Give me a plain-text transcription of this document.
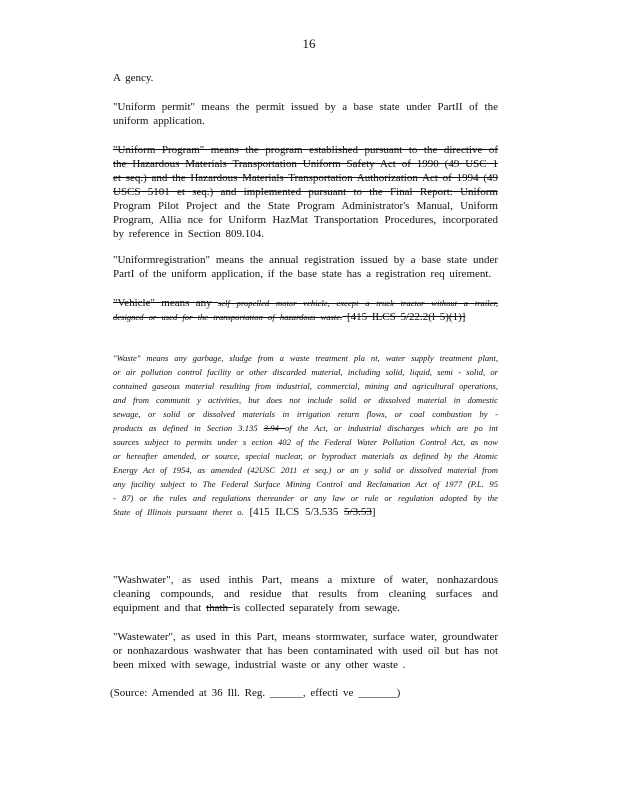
16
A gency.
"Uniform permit" means the permit issued by a base state under PartII of the uniform application.
"Uniform Program" means the program established pursuant to the directive of the Hazardous Materials Transportation Uniform Safety Act of 1990 (49 USC 1 et seq.) and the Hazardous Materials Transportation Authorization Act of 1994 (49 USCS 5101 et seq.) and implemented pursuant to the Final Report: Uniform Program Pilot Project and the State Program Administrator's Manual, Uniform Program, Allia nce for Uniform HazMat Transportation Procedures, incorporated by reference in Section 809.104.
"Uniformregistration" means the annual registration issued by a base state under PartI of the uniform application, if the base state has a registration req uirement.
"Vehicle" means any self propelled motor vehicle, except a truck tractor without a trailer, designed or used for the transportation of hazardous waste. [415 ILCS 5/22.2(l 5)(1)]
"Waste" means any garbage, sludge from a waste treatment pla nt, water supply treatment plant, or air pollution control facility or other discarded material, including solid, liquid, semi - solid, or contained gaseous material resulting from industrial, commercial, mining and agricultural operations, and from communit y activities, but does not include solid or dissolved material in domestic sewage, or solid or dissolved materials in irrigation return flows, or coal combustion by - products as defined in Section 3.135 3.94 of the Act, or industrial discharges which are po int sources subject to permits under s ection 402 of the Federal Water Pollution Control Act, as now or hereafter amended, or source, special nuclear, or byproduct materials as defined by the Atomic Energy Act of 1954, as amended (42USC 2011 et seq.) or an y solid or dissolved material from any facility subject to The Federal Surface Mining Control and Reclamation Act of 1977 (P.L. 95 - 87) or the rules and regulations thereunder or any law or rule or regulation adopted by the State of Illinois pursuant theret o. [415 ILCS 5/3.535 5/3.53]
"Washwater", as used inthis Part, means a mixture of water, nonhazardous cleaning compounds, and residue that results from cleaning surfaces and equipment and that thath is collected separately from sewage.
"Wastewater", as used in this Part, means stormwater, surface water, groundwater or nonhazardous washwater that has been contaminated with used oil but has not been mixed with sewage, industrial waste or any other waste .
(Source: Amended at 36 Ill. Reg. ______, effecti ve _______)
